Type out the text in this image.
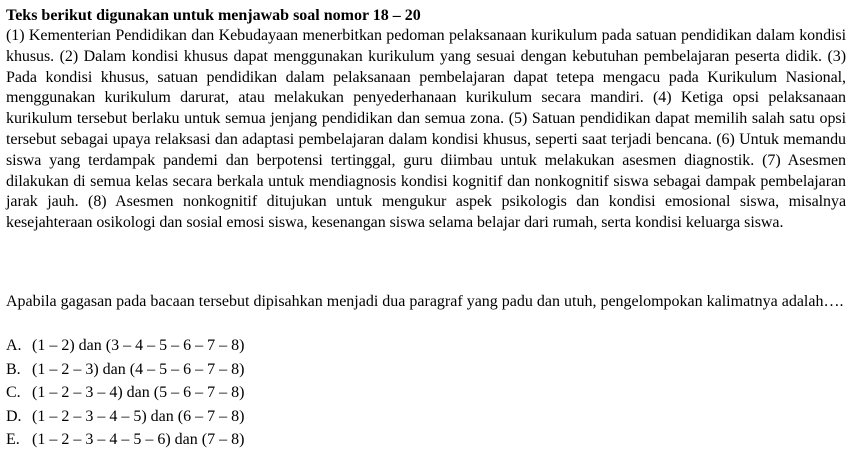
Teks berikut digunakan untuk menjawab soal nomor 18 – 20

(1) Kementerian Pendidikan dan Kebudayaan menerbitkan pedoman pelaksanaan kurikulum pada satuan pendidikan dalam kondisi khusus. (2) Dalam kondisi khusus dapat menggunakan kurikulum yang sesuai dengan kebutuhan pembelajaran peserta didik. (3) Pada kondisi khusus, satuan pendidikan dalam pelaksanaan pembelajaran dapat tetepa mengacu pada Kurikulum Nasional, menggunakan kurikulum darurat, atau melakukan penyederhanaan kurikulum secara mandiri. (4) Ketiga opsi pelaksanaan kurikulum tersebut berlaku untuk semua jenjang pendidikan dan semua zona. (5) Satuan pendidikan dapat memilih salah satu opsi tersebut sebagai upaya relaksasi dan adaptasi pembelajaran dalam kondisi khusus, seperti saat terjadi bencana. (6) Untuk memandu siswa yang terdampak pandemi dan berpotensi tertinggal, guru diimbau untuk melakukan asesmen diagnostik. (7) Asesmen dilakukan di semua kelas secara berkala untuk mendiagnosis kondisi kognitif dan nonkognitif siswa sebagai dampak pembelajaran jarak jauh. (8) Asesmen nonkognitif ditujukan untuk mengukur aspek psikologis dan kondisi emosional siswa, misalnya kesejahteraan osikologi dan sosial emosi siswa, kesenangan siswa selama belajar dari rumah, serta kondisi keluarga siswa.

Apabila gagasan pada bacaan tersebut dipisahkan menjadi dua paragraf yang padu dan utuh, pengelompokan kalimatnya adalah….

A. (1 – 2) dan (3 – 4 – 5 – 6 – 7 – 8)
B. (1 – 2 – 3) dan (4 – 5 – 6 – 7 – 8)
C. (1 – 2 – 3 – 4) dan (5 – 6 – 7 – 8)
D. (1 – 2 – 3 – 4 – 5) dan (6 – 7 – 8)
E. (1 – 2 – 3 – 4 – 5 – 6) dan (7 – 8)
